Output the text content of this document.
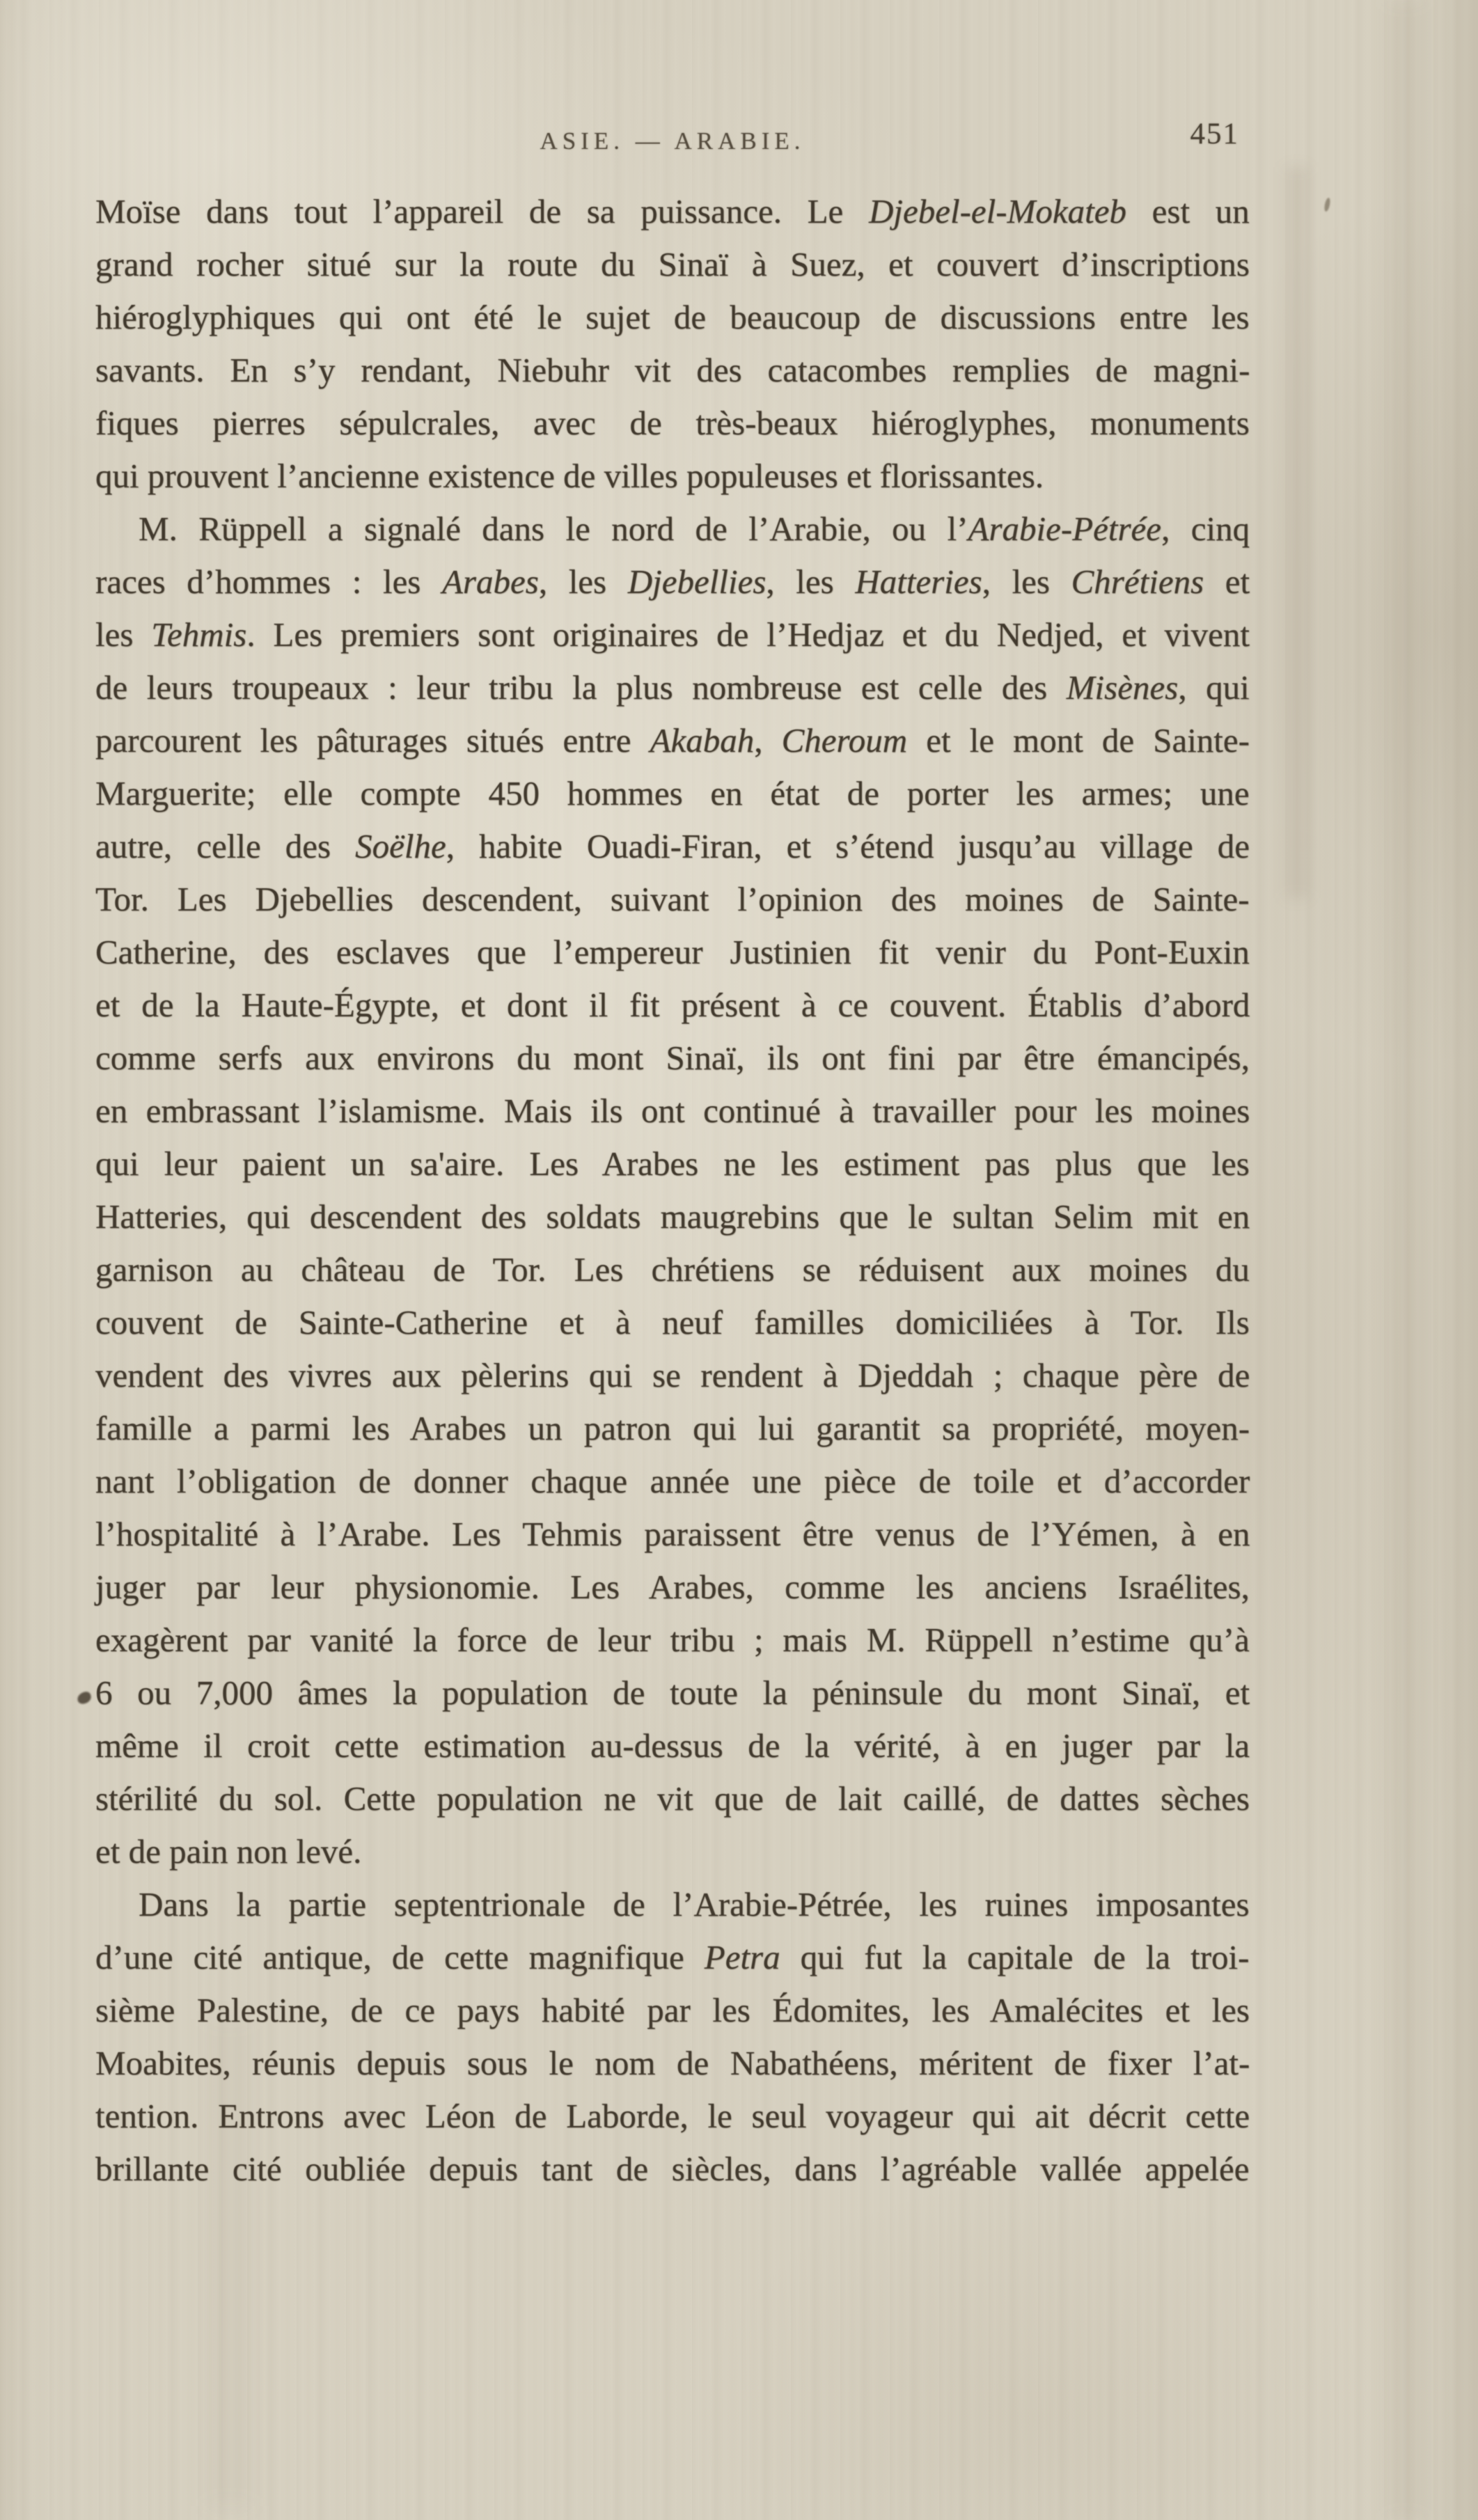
ASIE. — ARABIE.	451
Moïse dans tout l’appareil de sa puissance. Le Djebel-el-Mokateb est un
grand rocher situé sur la route du Sinaï à Suez, et couvert d’inscriptions
hiéroglyphiques qui ont été le sujet de beaucoup de discussions entre les
savants. En s’y rendant, Niebuhr vit des catacombes remplies de magni-
fiques pierres sépulcrales, avec de très-beaux hiéroglyphes, monuments
qui prouvent l’ancienne existence de villes populeuses et florissantes.
M. Rüppell a signalé dans le nord de l’Arabie, ou l’Arabie-Pétrée, cinq
races d’hommes : les Arabes, les Djebellies, les Hatteries, les Chrétiens et
les Tehmis. Les premiers sont originaires de l’Hedjaz et du Nedjed, et vivent
de leurs troupeaux : leur tribu la plus nombreuse est celle des Misènes, qui
parcourent les pâturages situés entre Akabah, Cheroum et le mont de Sainte-
Marguerite; elle compte 450 hommes en état de porter les armes; une
autre, celle des Soëlhe, habite Ouadi-Firan, et s’étend jusqu’au village de
Tor. Les Djebellies descendent, suivant l’opinion des moines de Sainte-
Catherine, des esclaves que l’empereur Justinien fit venir du Pont-Euxin
et de la Haute-Égypte, et dont il fit présent à ce couvent. Établis d’abord
comme serfs aux environs du mont Sinaï, ils ont fini par être émancipés,
en embrassant l’islamisme. Mais ils ont continué à travailler pour les moines
qui leur paient un sa'aire. Les Arabes ne les estiment pas plus que les
Hatteries, qui descendent des soldats maugrebins que le sultan Selim mit en
garnison au château de Tor. Les chrétiens se réduisent aux moines du
couvent de Sainte-Catherine et à neuf familles domiciliées à Tor. Ils
vendent des vivres aux pèlerins qui se rendent à Djeddah ; chaque père de
famille a parmi les Arabes un patron qui lui garantit sa propriété, moyen-
nant l’obligation de donner chaque année une pièce de toile et d’accorder
l’hospitalité à l’Arabe. Les Tehmis paraissent être venus de l’Yémen, à en
juger par leur physionomie. Les Arabes, comme les anciens Israélites,
exagèrent par vanité la force de leur tribu ; mais M. Rüppell n’estime qu’à
6 ou 7,000 âmes la population de toute la péninsule du mont Sinaï, et
même il croit cette estimation au-dessus de la vérité, à en juger par la
stérilité du sol. Cette population ne vit que de lait caillé, de dattes sèches
et de pain non levé.
Dans la partie septentrionale de l’Arabie-Pétrée, les ruines imposantes
d’une cité antique, de cette magnifique Petra qui fut la capitale de la troi-
sième Palestine, de ce pays habité par les Édomites, les Amalécites et les
Moabites, réunis depuis sous le nom de Nabathéens, méritent de fixer l’at-
tention. Entrons avec Léon de Laborde, le seul voyageur qui ait décrit cette
brillante cité oubliée depuis tant de siècles, dans l’agréable vallée appelée
